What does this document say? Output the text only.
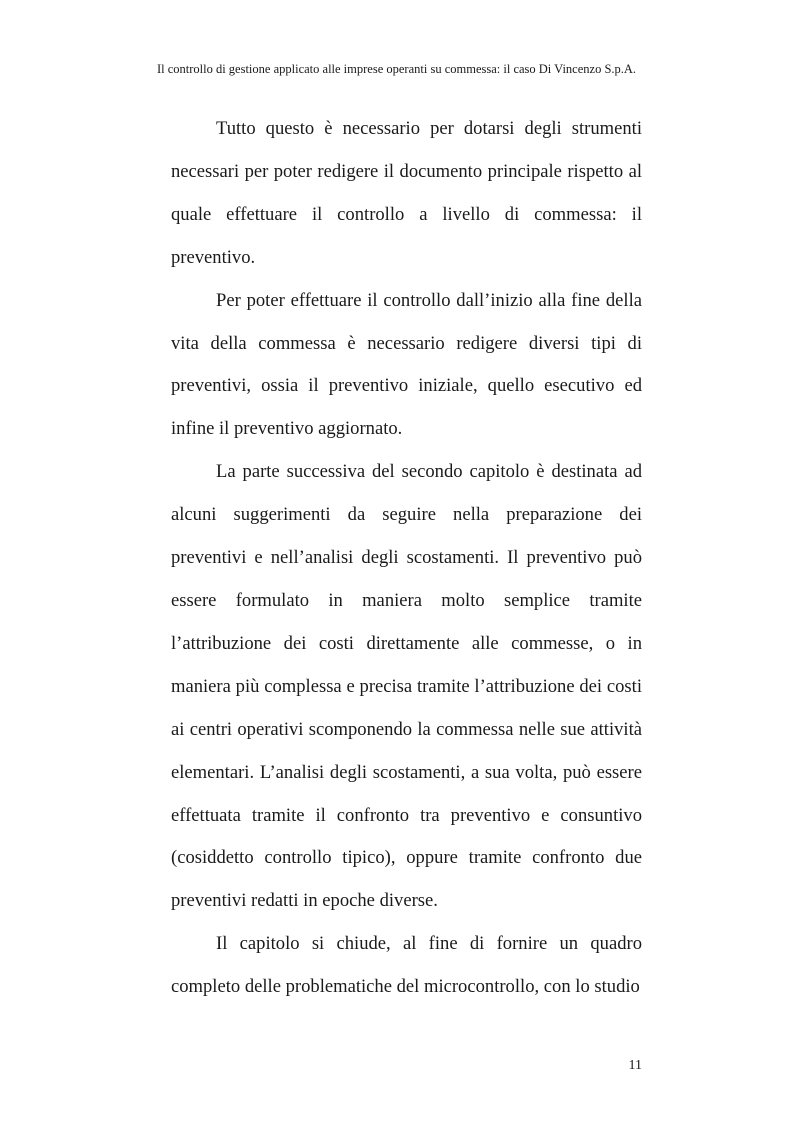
Il controllo di gestione applicato alle imprese operanti su commessa: il caso Di Vincenzo S.p.A.

Tutto questo è necessario per dotarsi degli strumenti necessari per poter redigere il documento principale rispetto al quale effettuare il controllo a livello di commessa: il preventivo.

Per poter effettuare il controllo dall’inizio alla fine della vita della commessa è necessario redigere diversi tipi di preventivi, ossia il preventivo iniziale, quello esecutivo ed infine il preventivo aggiornato.

La parte successiva del secondo capitolo è destinata ad alcuni suggerimenti da seguire nella preparazione dei preventivi e nell’analisi degli scostamenti. Il preventivo può essere formulato in maniera molto semplice tramite l’attribuzione dei costi direttamente alle commesse, o in maniera più complessa e precisa tramite l’attribuzione dei costi ai centri operativi scomponendo la commessa nelle sue attività elementari. L’analisi degli scostamenti, a sua volta, può essere effettuata tramite il confronto tra preventivo e consuntivo (cosiddetto controllo tipico), oppure tramite confronto due preventivi redatti in epoche diverse.

Il capitolo si chiude, al fine di fornire un quadro completo delle problematiche del microcontrollo, con lo studio

11
